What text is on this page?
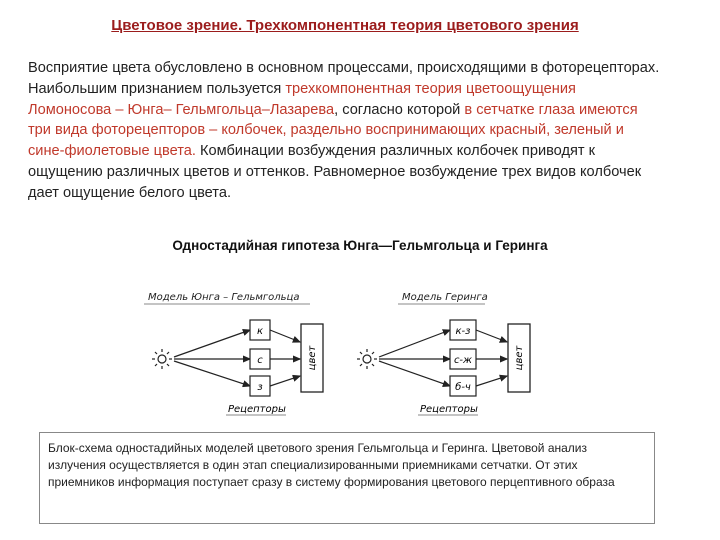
Цветовое зрение. Трехкомпонентная теория цветового зрения
Восприятие цвета обусловлено в основном процессами, происходящими в фоторецепторах. Наибольшим признанием пользуется трехкомпонентная теория цветоощущения Ломоносова – Юнга– Гельмгольца–Лазарева, согласно которой в сетчатке глаза имеются три вида фоторецепторов – колбочек, раздельно воспринимающих красный, зеленый и сине-фиолетовые цвета. Комбинации возбуждения различных колбочек приводят к ощущению различных цветов и оттенков. Равномерное возбуждение трех видов колбочек дает ощущение белого цвета.
Одностадийная гипотеза Юнга—Гельмгольца и Геринга
Модель Юнга – Гельмгольца
к
с
з
цвет
Рецепторы
Модель Геринга
к-з
с-ж
б-ч
цвет
Рецепторы
Блок-схема одностадийных моделей цветового зрения Гельмгольца и Геринга. Цветовой анализ излучения осуществляется в один этап специализированными приемниками сетчатки. От этих приемников информация поступает сразу в систему формирования цветового перцептивного образа
